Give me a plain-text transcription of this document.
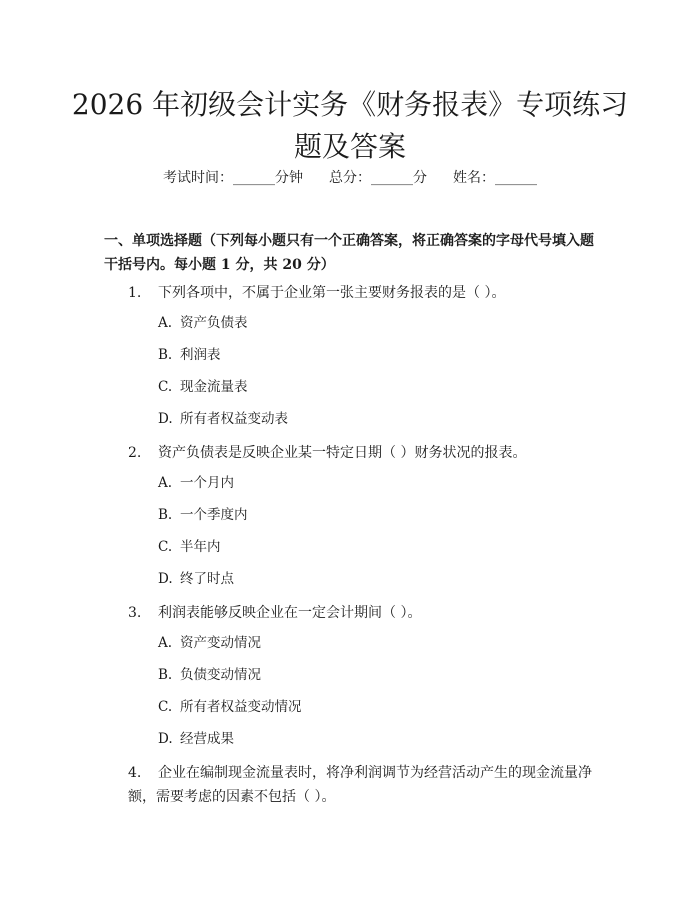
2026 年初级会计实务《财务报表》专项练习题及答案
考试时间：______分钟 总分：______分 姓名：______

一、单项选择题（下列每小题只有一个正确答案，将正确答案的字母代号填入题干括号内。每小题 1 分，共 20 分）

1. 下列各项中，不属于企业第一张主要财务报表的是（ ）。
A. 资产负债表
B. 利润表
C. 现金流量表
D. 所有者权益变动表
2. 资产负债表是反映企业某一特定日期（ ）财务状况的报表。
A. 一个月内
B. 一个季度内
C. 半年内
D. 终了时点
3. 利润表能够反映企业在一定会计期间（ ）。
A. 资产变动情况
B. 负债变动情况
C. 所有者权益变动情况
D. 经营成果
4. 企业在编制现金流量表时，将净利润调节为经营活动产生的现金流量净额，需要考虑的因素不包括（ ）。
